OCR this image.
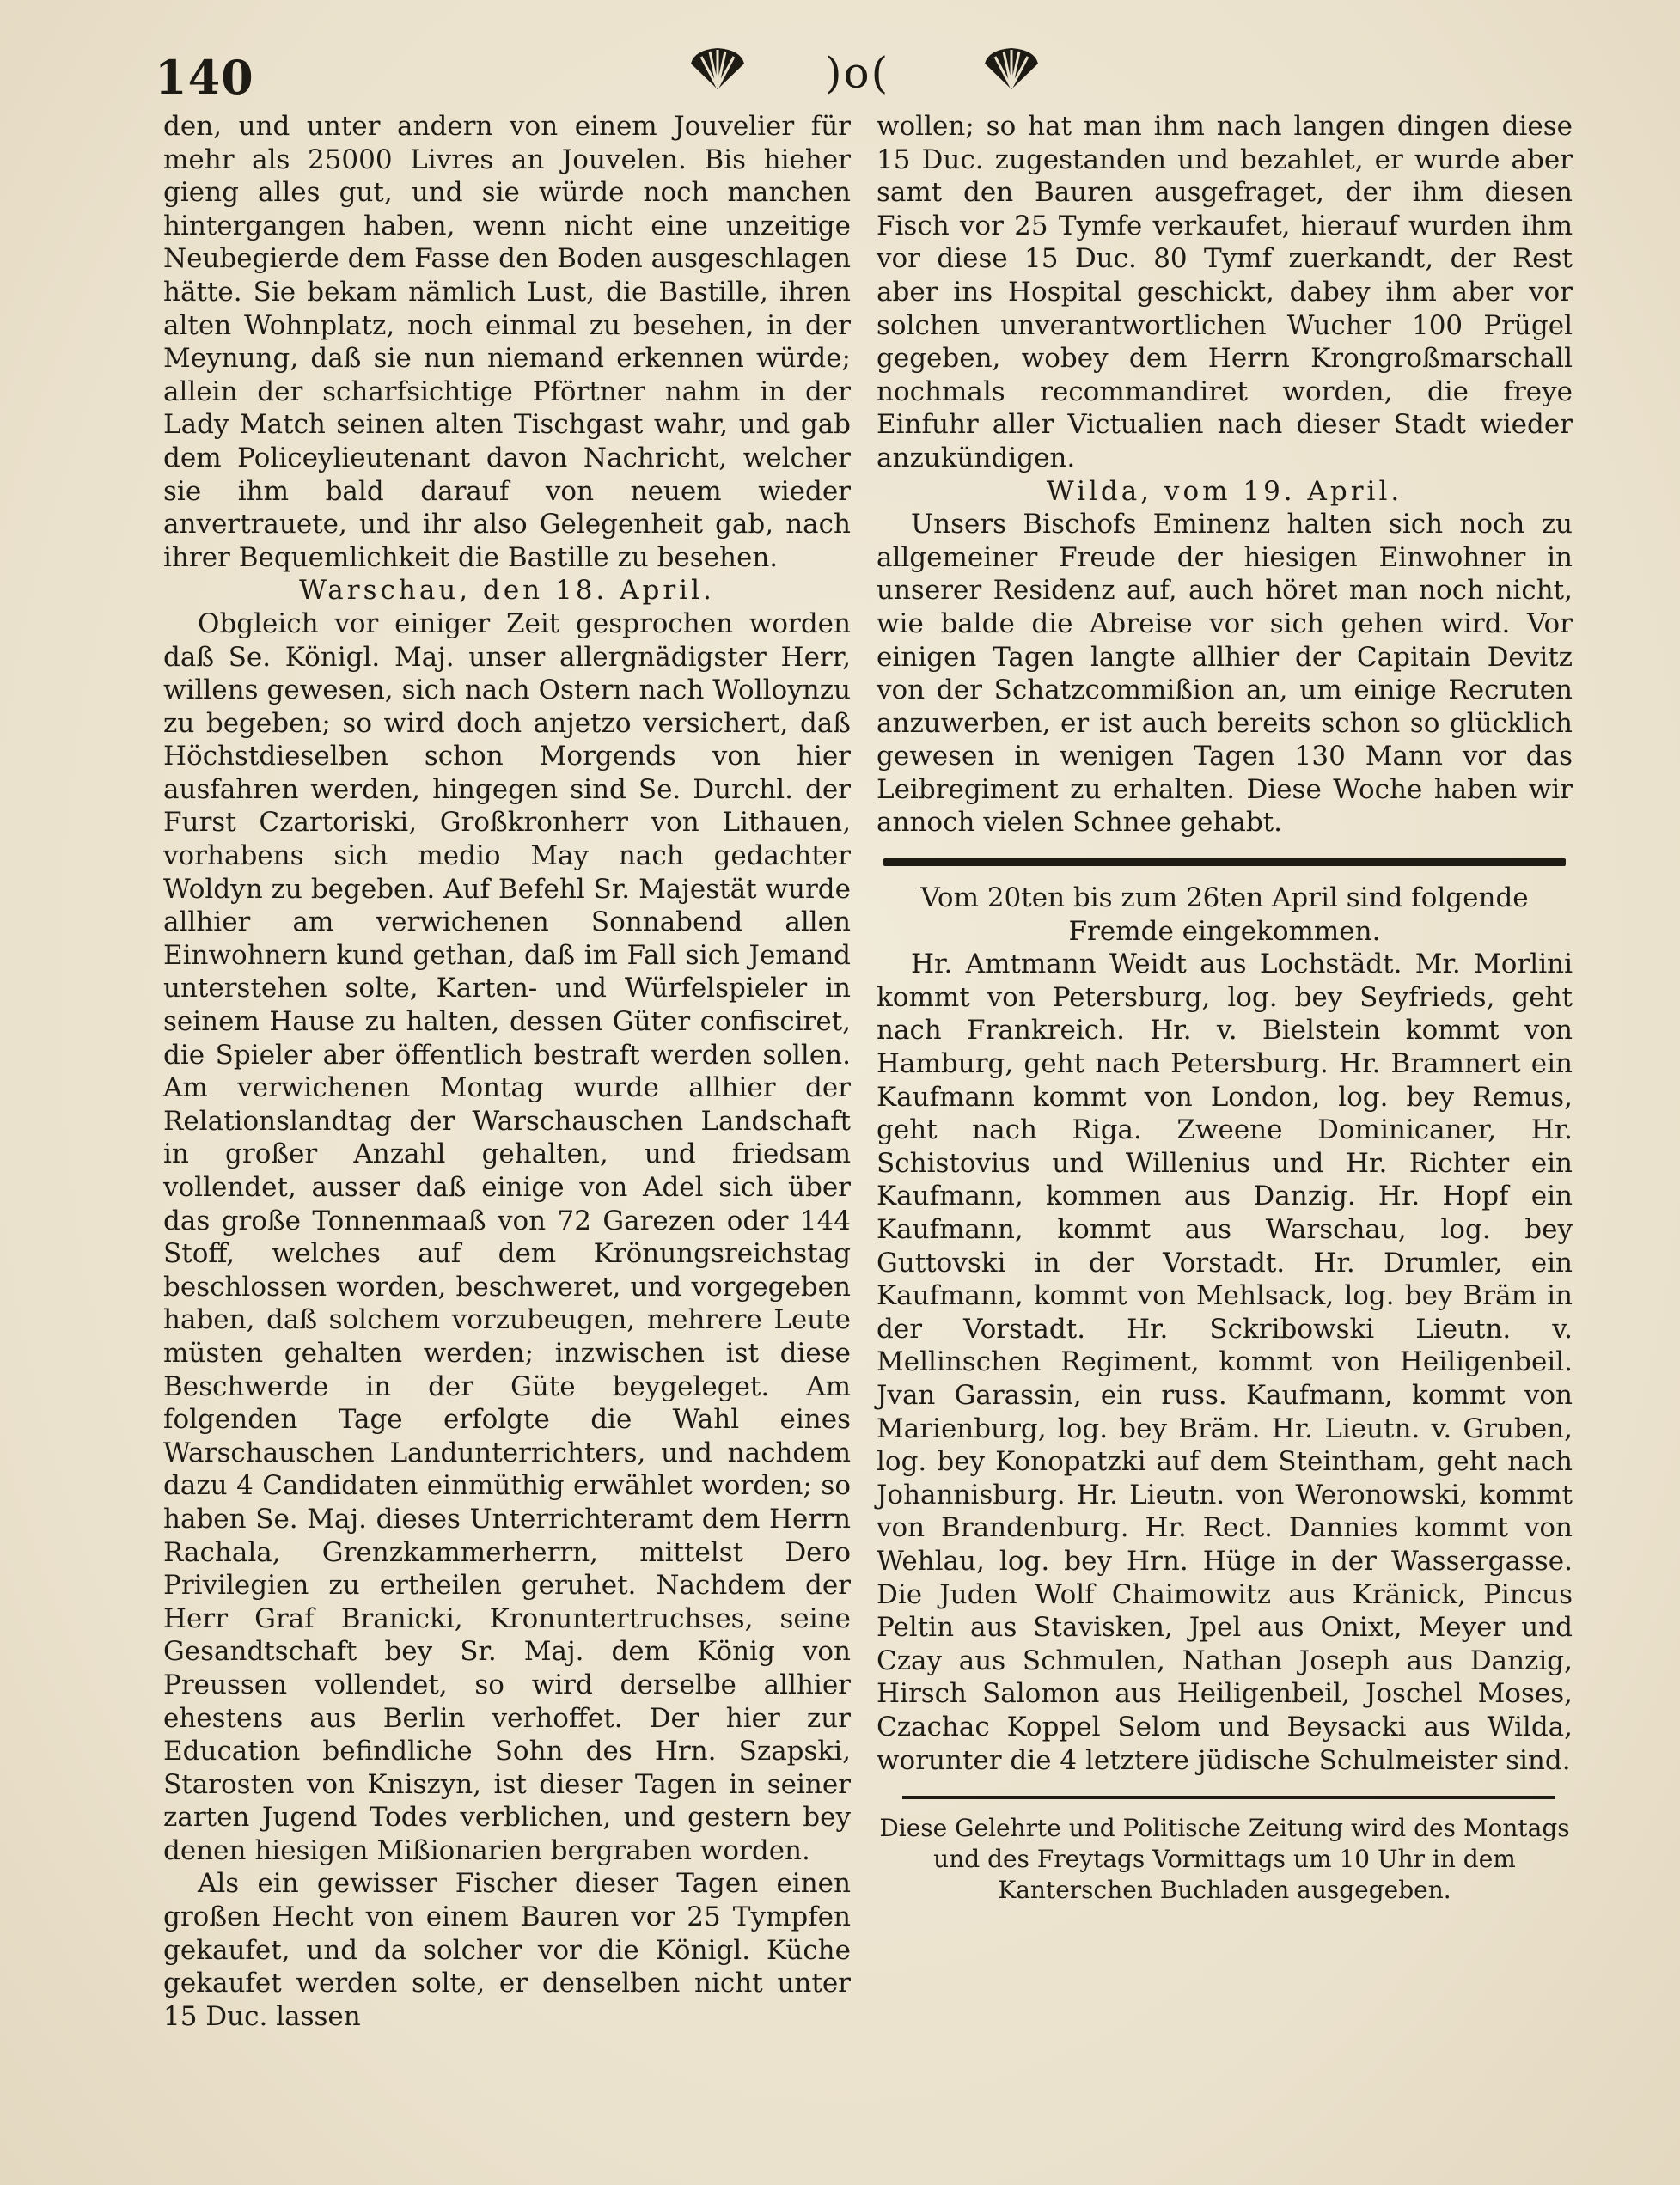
140	)o(

den, und unter andern von einem Jouvelier für mehr als 25000 Livres an Jouvelen. Bis hieher gieng alles gut, und sie würde noch manchen hintergangen haben, wenn nicht eine unzeitige Neubegierde dem Fasse den Boden ausgeschlagen hätte. Sie bekam nämlich Lust, die Bastille, ihren alten Wohnplatz, noch einmal zu besehen, in der Meynung, daß sie nun niemand erkennen würde; allein der scharfsichtige Pförtner nahm in der Lady Match seinen alten Tischgast wahr, und gab dem Policeylieutenant davon Nachricht, welcher sie ihm bald darauf von neuem wieder anvertrauete, und ihr also Gelegenheit gab, nach ihrer Bequemlichkeit die Bastille zu besehen.

Warschau, den 18. April.

Obgleich vor einiger Zeit gesprochen worden daß Se. Königl. Maj. unser allergnädigster Herr, willens gewesen, sich nach Ostern nach Wolloynzu zu begeben; so wird doch anjetzo versichert, daß Höchstdieselben schon Morgends von hier ausfahren werden, hingegen sind Se. Durchl. der Furst Czartoriski, Großkronherr von Lithauen, vorhabens sich medio May nach gedachter Woldyn zu begeben. Auf Befehl Sr. Majestät wurde allhier am verwichenen Sonnabend allen Einwohnern kund gethan, daß im Fall sich Jemand unterstehen solte, Karten- und Würfelspieler in seinem Hause zu halten, dessen Güter confisciret, die Spieler aber öffentlich bestraft werden sollen. Am verwichenen Montag wurde allhier der Relationslandtag der Warschauschen Landschaft in großer Anzahl gehalten, und friedsam vollendet, ausser daß einige von Adel sich über das große Tonnenmaaß von 72 Garezen oder 144 Stoff, welches auf dem Krönungsreichstag beschlossen worden, beschweret, und vorgegeben haben, daß solchem vorzubeugen, mehrere Leute müsten gehalten werden; inzwischen ist diese Beschwerde in der Güte beygeleget. Am folgenden Tage erfolgte die Wahl eines Warschauschen Landunterrichters, und nachdem dazu 4 Candidaten einmüthig erwählet worden; so haben Se. Maj. dieses Unterrichteramt dem Herrn Rachala, Grenzkammerherrn, mittelst Dero Privilegien zu ertheilen geruhet. Nachdem der Herr Graf Branicki, Kronuntertruchses, seine Gesandtschaft bey Sr. Maj. dem König von Preussen vollendet, so wird derselbe allhier ehestens aus Berlin verhoffet. Der hier zur Education befindliche Sohn des Hrn. Szapski, Starosten von Kniszyn, ist dieser Tagen in seiner zarten Jugend Todes verblichen, und gestern bey denen hiesigen Mißionarien bergraben worden.

Als ein gewisser Fischer dieser Tagen einen großen Hecht von einem Bauren vor 25 Tympfen gekaufet, und da solcher vor die Königl. Küche gekaufet werden solte, er denselben nicht unter 15 Duc. lassen

wollen; so hat man ihm nach langen dingen diese 15 Duc. zugestanden und bezahlet, er wurde aber samt den Bauren ausgefraget, der ihm diesen Fisch vor 25 Tymfe verkaufet, hierauf wurden ihm vor diese 15 Duc. 80 Tymf zuerkandt, der Rest aber ins Hospital geschickt, dabey ihm aber vor solchen unverantwortlichen Wucher 100 Prügel gegeben, wobey dem Herrn Krongroßmarschall nochmals recommandiret worden, die freye Einfuhr aller Victualien nach dieser Stadt wieder anzukündigen.

Wilda, vom 19. April.

Unsers Bischofs Eminenz halten sich noch zu allgemeiner Freude der hiesigen Einwohner in unserer Residenz auf, auch höret man noch nicht, wie balde die Abreise vor sich gehen wird. Vor einigen Tagen langte allhier der Capitain Devitz von der Schatzcommißion an, um einige Recruten anzuwerben, er ist auch bereits schon so glücklich gewesen in wenigen Tagen 130 Mann vor das Leibregiment zu erhalten. Diese Woche haben wir annoch vielen Schnee gehabt.

Vom 20ten bis zum 26ten April sind folgende Fremde eingekommen.

Hr. Amtmann Weidt aus Lochstädt. Mr. Morlini kommt von Petersburg, log. bey Seyfrieds, geht nach Frankreich. Hr. v. Bielstein kommt von Hamburg, geht nach Petersburg. Hr. Bramnert ein Kaufmann kommt von London, log. bey Remus, geht nach Riga. Zweene Dominicaner, Hr. Schistovius und Willenius und Hr. Richter ein Kaufmann, kommen aus Danzig. Hr. Hopf ein Kaufmann, kommt aus Warschau, log. bey Guttovski in der Vorstadt. Hr. Drumler, ein Kaufmann, kommt von Mehlsack, log. bey Bräm in der Vorstadt. Hr. Sckribowski Lieutn. v. Mellinschen Regiment, kommt von Heiligenbeil. Jvan Garassin, ein russ. Kaufmann, kommt von Marienburg, log. bey Bräm. Hr. Lieutn. v. Gruben, log. bey Konopatzki auf dem Steintham, geht nach Johannisburg. Hr. Lieutn. von Weronowski, kommt von Brandenburg. Hr. Rect. Dannies kommt von Wehlau, log. bey Hrn. Hüge in der Wassergasse. Die Juden Wolf Chaimowitz aus Kränick, Pincus Peltin aus Stavisken, Jpel aus Onixt, Meyer und Czay aus Schmulen, Nathan Joseph aus Danzig, Hirsch Salomon aus Heiligenbeil, Joschel Moses, Czachac Koppel Selom und Beysacki aus Wilda, worunter die 4 letztere jüdische Schulmeister sind.

Diese Gelehrte und Politische Zeitung wird des Montags und des Freytags Vormittags um 10 Uhr in dem Kanterschen Buchladen ausgegeben.
